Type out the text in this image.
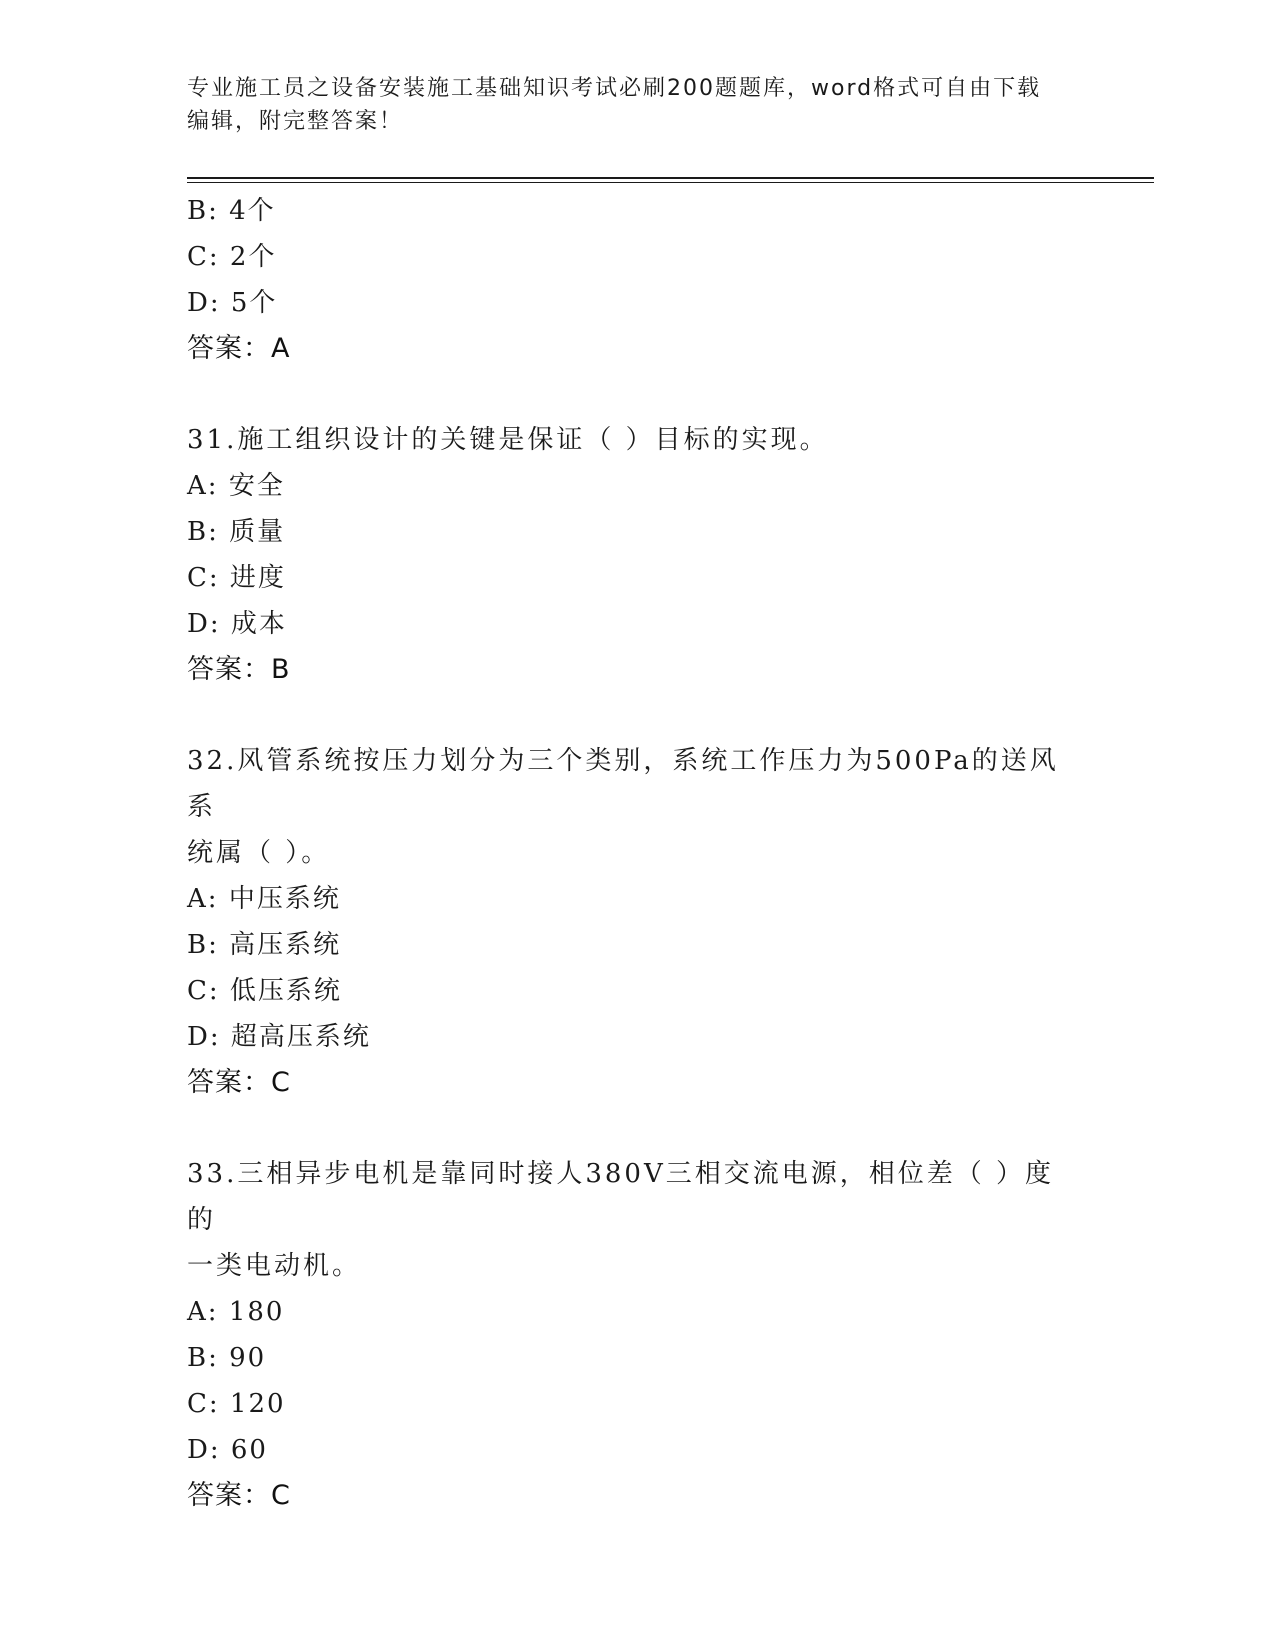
专业施工员之设备安装施工基础知识考试必刷200题题库，word格式可自由下载
编辑，附完整答案！
B: 4个
C: 2个
D: 5个
答案：A
31.施工组织设计的关键是保证（ ）目标的实现。
A: 安全
B: 质量
C: 进度
D: 成本
答案：B
32.风管系统按压力划分为三个类别，系统工作压力为500Pa的送风系
统属（ ）。
A: 中压系统
B: 高压系统
C: 低压系统
D: 超高压系统
答案：C
33.三相异步电机是靠同时接人380V三相交流电源，相位差（ ）度的
一类电动机。
A: 180
B: 90
C: 120
D: 60
答案：C
